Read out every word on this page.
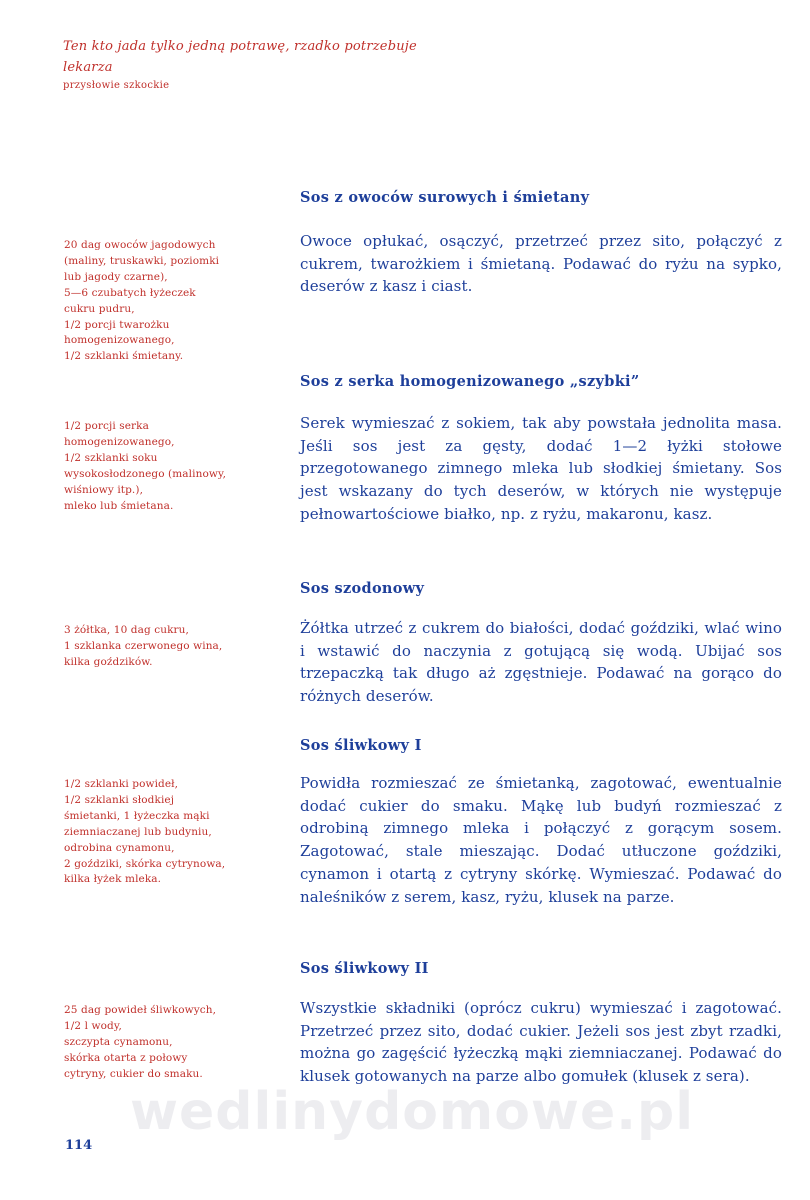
Ten kto jada tylko jedną potrawę, rzadko potrzebuje
lekarza
przysłowie szkockie
Sos z owoców surowych i śmietany
20 dag owoców jagodowych
(maliny, truskawki, poziomki
lub jagody czarne),
5—6 czubatych łyżeczek
cukru pudru,
1/2 porcji twarożku
homogenizowanego,
1/2 szklanki śmietany.
Owoce opłukać, osączyć, przetrzeć przez sito, połączyć z cukrem, twarożkiem i śmietaną. Podawać do ryżu na sypko, deserów z kasz i ciast.
Sos z serka homogenizowanego „szybki”
1/2 porcji serka
homogenizowanego,
1/2 szklanki soku
wysokosłodzonego (malinowy,
wiśniowy itp.),
mleko lub śmietana.
Serek wymieszać z sokiem, tak aby powstała jednolita masa. Jeśli sos jest za gęsty, dodać 1—2 łyżki stołowe przegotowanego zimnego mleka lub słodkiej śmietany. Sos jest wskazany do tych deserów, w których nie występuje pełnowartościowe białko, np. z ryżu, makaronu, kasz.
Sos szodonowy
3 żółtka, 10 dag cukru,
1 szklanka czerwonego wina,
kilka goździków.
Żółtka utrzeć z cukrem do białości, dodać goździki, wlać wino i wstawić do naczynia z gotującą się wodą. Ubijać sos trzepaczką tak długo aż zgęstnieje. Podawać na gorąco do różnych deserów.
Sos śliwkowy I
1/2 szklanki powideł,
1/2 szklanki słodkiej
śmietanki, 1 łyżeczka mąki
ziemniaczanej lub budyniu,
odrobina cynamonu,
2 goździki, skórka cytrynowa,
kilka łyżek mleka.
Powidła rozmieszać ze śmietanką, zagotować, ewentualnie dodać cukier do smaku. Mąkę lub budyń rozmieszać z odrobiną zimnego mleka i połączyć z gorącym sosem. Zagotować, stale mieszając. Dodać utłuczone goździki, cynamon i otartą z cytryny skórkę. Wymieszać. Podawać do naleśników z serem, kasz, ryżu, klusek na parze.
Sos śliwkowy II
25 dag powideł śliwkowych,
1/2 l wody,
szczypta cynamonu,
skórka otarta z połowy
cytryny, cukier do smaku.
Wszystkie składniki (oprócz cukru) wymieszać i zagotować. Przetrzeć przez sito, dodać cukier. Jeżeli sos jest zbyt rzadki, można go zagęścić łyżeczką mąki ziemniaczanej. Podawać do klusek gotowanych na parze albo gomułek (klusek z sera).
wedlinydomowe.pl
114
